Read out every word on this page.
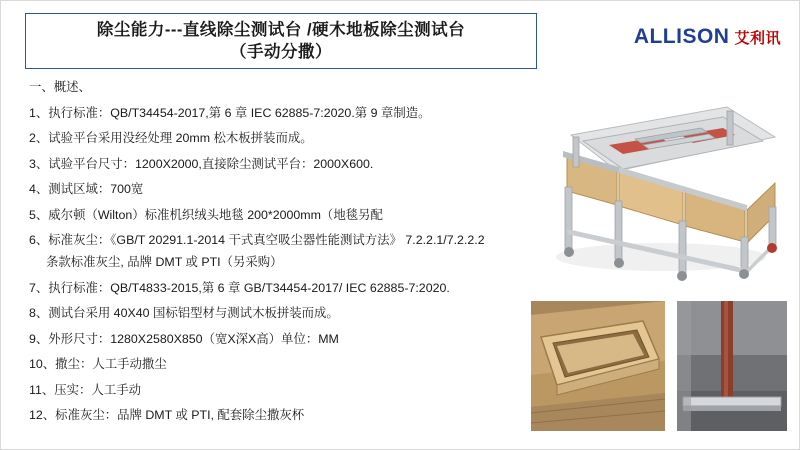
除尘能力---直线除尘测试台 /硬木地板除尘测试台
（手动分撒）
ALLISON 艾利讯
一、概述、
1、执行标准：QB/T34454-2017,第 6 章 IEC 62885-7:2020.第 9 章制造。
2、试验平台采用没经处理 20mm 松木板拼装而成。
3、试验平台尺寸：1200X2000,直接除尘测试平台：2000X600.
4、测试区域：700宽
5、威尔顿（Wilton）标准机织绒头地毯 200*2000mm（地毯另配
6、标准灰尘：《GB/T 20291.1-2014 干式真空吸尘器性能测试方法》 7.2.2.1/7.2.2.2
条款标准灰尘, 品牌 DMT 或 PTI（另采购）
7、执行标准：QB/T4833-2015,第 6 章 GB/T34454-2017/ IEC 62885-7:2020.
8、测试台采用 40X40 国标铝型材与测试木板拼装而成。
9、外形尺寸：1280X2580X850（宽X深X高）单位：MM
10、撒尘：人工手动撒尘
11、压实：人工手动
12、标准灰尘：品牌 DMT 或 PTI, 配套除尘撒灰杯
